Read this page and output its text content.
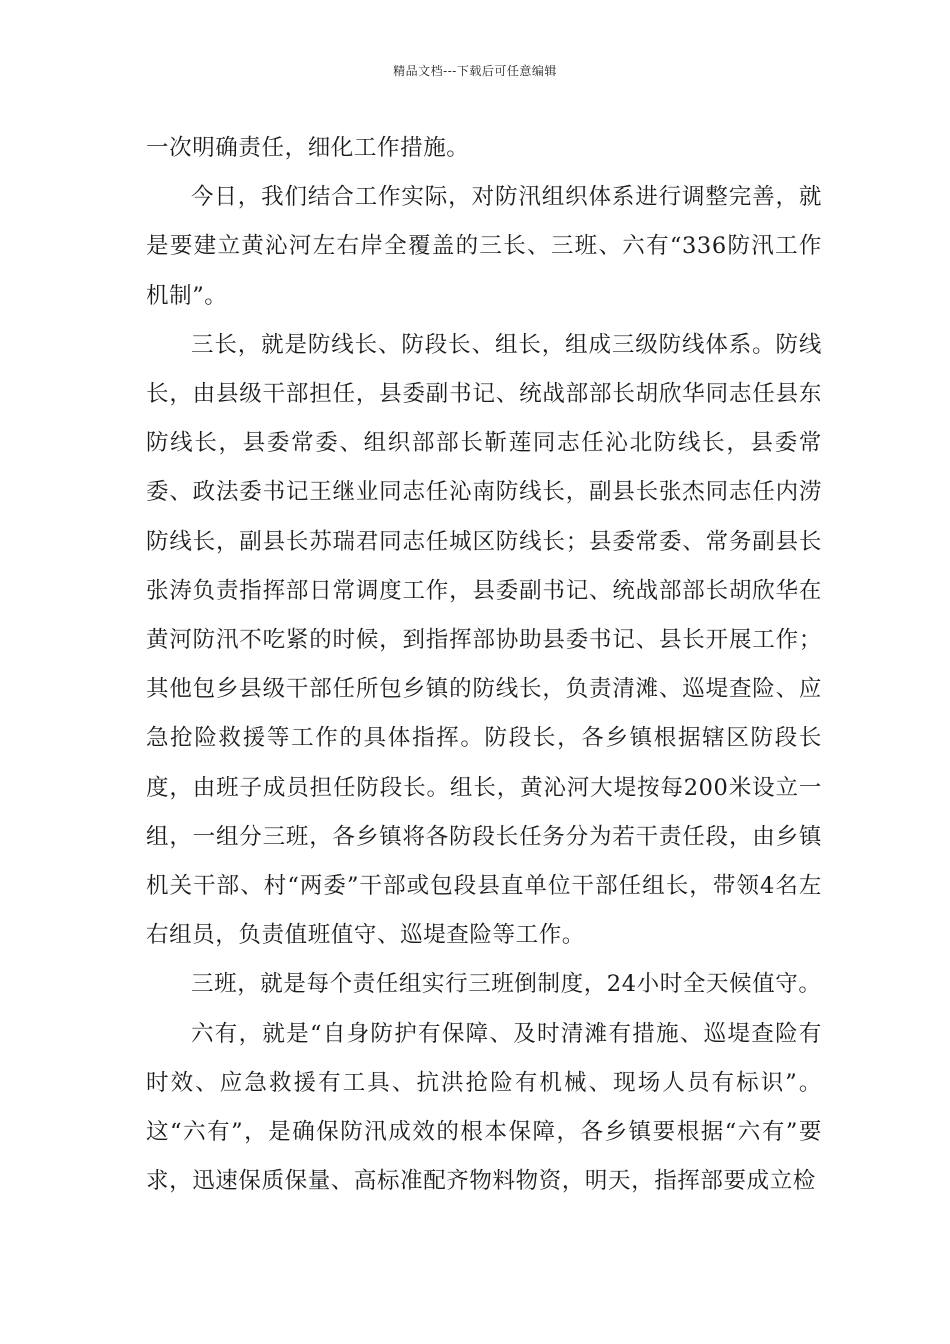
精品文档---下载后可任意编辑

一次明确责任，细化工作措施。

今日，我们结合工作实际，对防汛组织体系进行调整完善，就是要建立黄沁河左右岸全覆盖的三长、三班、六有“336防汛工作机制”。

三长，就是防线长、防段长、组长，组成三级防线体系。防线长，由县级干部担任，县委副书记、统战部部长胡欣华同志任县东防线长，县委常委、组织部部长靳莲同志任沁北防线长，县委常委、政法委书记王继业同志任沁南防线长，副县长张杰同志任内涝防线长，副县长苏瑞君同志任城区防线长；县委常委、常务副县长张涛负责指挥部日常调度工作，县委副书记、统战部部长胡欣华在黄河防汛不吃紧的时候，到指挥部协助县委书记、县长开展工作；其他包乡县级干部任所包乡镇的防线长，负责清滩、巡堤查险、应急抢险救援等工作的具体指挥。防段长，各乡镇根据辖区防段长度，由班子成员担任防段长。组长，黄沁河大堤按每200米设立一组，一组分三班，各乡镇将各防段长任务分为若干责任段，由乡镇机关干部、村“两委”干部或包段县直单位干部任组长，带领4名左右组员，负责值班值守、巡堤查险等工作。

三班，就是每个责任组实行三班倒制度，24小时全天候值守。

六有，就是“自身防护有保障、及时清滩有措施、巡堤查险有时效、应急救援有工具、抗洪抢险有机械、现场人员有标识”。这“六有”，是确保防汛成效的根本保障，各乡镇要根据“六有”要求，迅速保质保量、高标准配齐物料物资，明天，指挥部要成立检
